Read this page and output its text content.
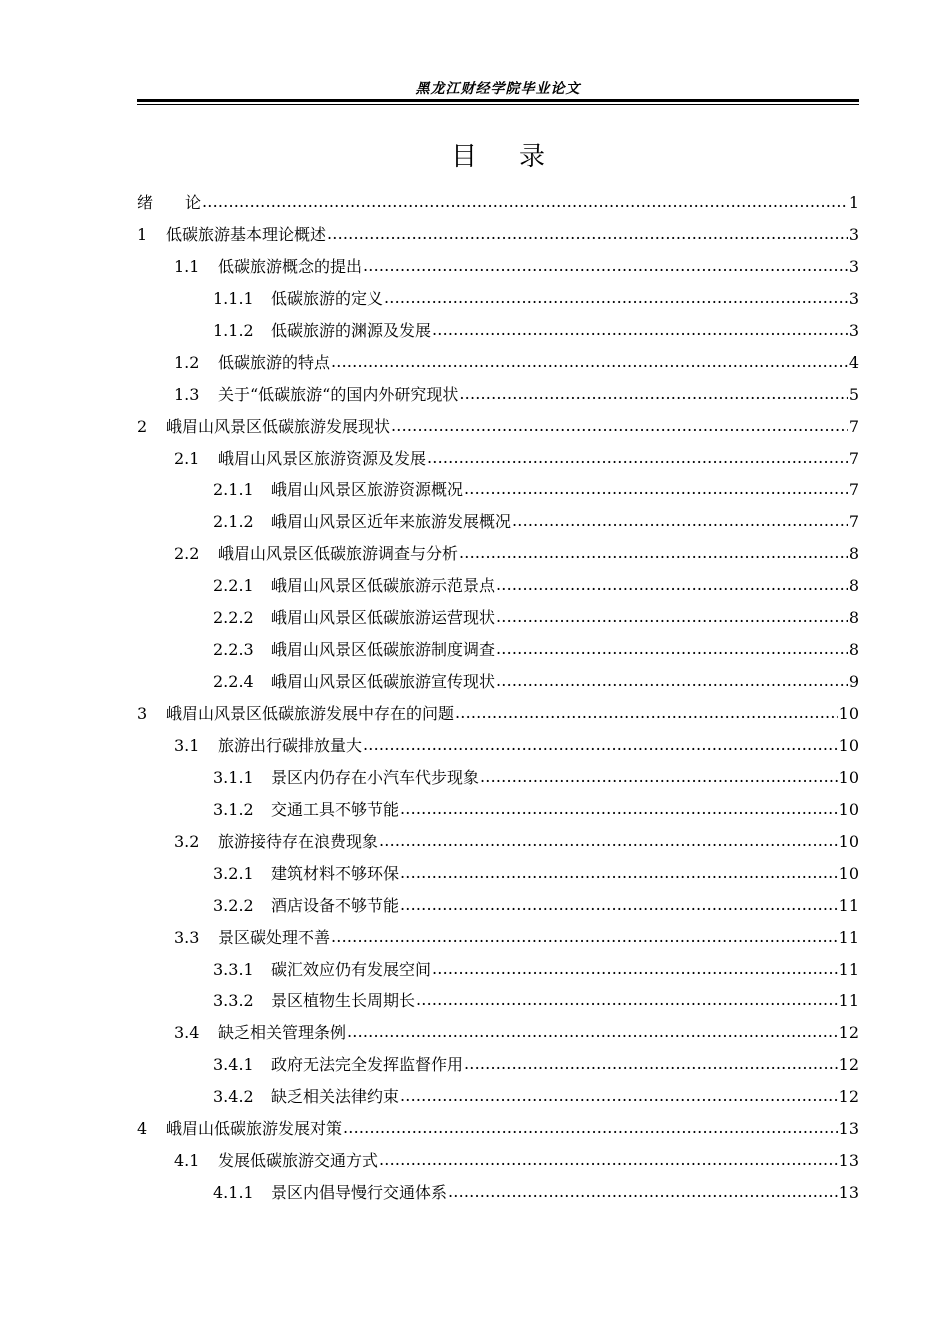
黑龙江财经学院毕业论文
目录
绪　　论 .....	1
1	低碳旅游基本理论概述 .....	3
1.1	低碳旅游概念的提出 .....	3
1.1.1	低碳旅游的定义 .....	3
1.1.2	低碳旅游的渊源及发展 .....	3
1.2	低碳旅游的特点 .....	4
1.3	关于“低碳旅游“的国内外研究现状 .....	5
2	峨眉山风景区低碳旅游发展现状 .....	7
2.1	峨眉山风景区旅游资源及发展 .....	7
2.1.1	峨眉山风景区旅游资源概况 .....	7
2.1.2	峨眉山风景区近年来旅游发展概况 .....	7
2.2	峨眉山风景区低碳旅游调查与分析 .....	8
2.2.1	峨眉山风景区低碳旅游示范景点 .....	8
2.2.2	峨眉山风景区低碳旅游运营现状 .....	8
2.2.3	峨眉山风景区低碳旅游制度调查 .....	8
2.2.4	峨眉山风景区低碳旅游宣传现状 .....	9
3	峨眉山风景区低碳旅游发展中存在的问题 .....	10
3.1	旅游出行碳排放量大 .....	10
3.1.1	景区内仍存在小汽车代步现象 .....	10
3.1.2	交通工具不够节能 .....	10
3.2	旅游接待存在浪费现象 .....	10
3.2.1	建筑材料不够环保 .....	10
3.2.2	酒店设备不够节能 .....	11
3.3	景区碳处理不善 .....	11
3.3.1	碳汇效应仍有发展空间 .....	11
3.3.2	景区植物生长周期长 .....	11
3.4	缺乏相关管理条例 .....	12
3.4.1	政府无法完全发挥监督作用 .....	12
3.4.2	缺乏相关法律约束 .....	12
4	峨眉山低碳旅游发展对策 .....	13
4.1	发展低碳旅游交通方式 .....	13
4.1.1	景区内倡导慢行交通体系 .....	13
